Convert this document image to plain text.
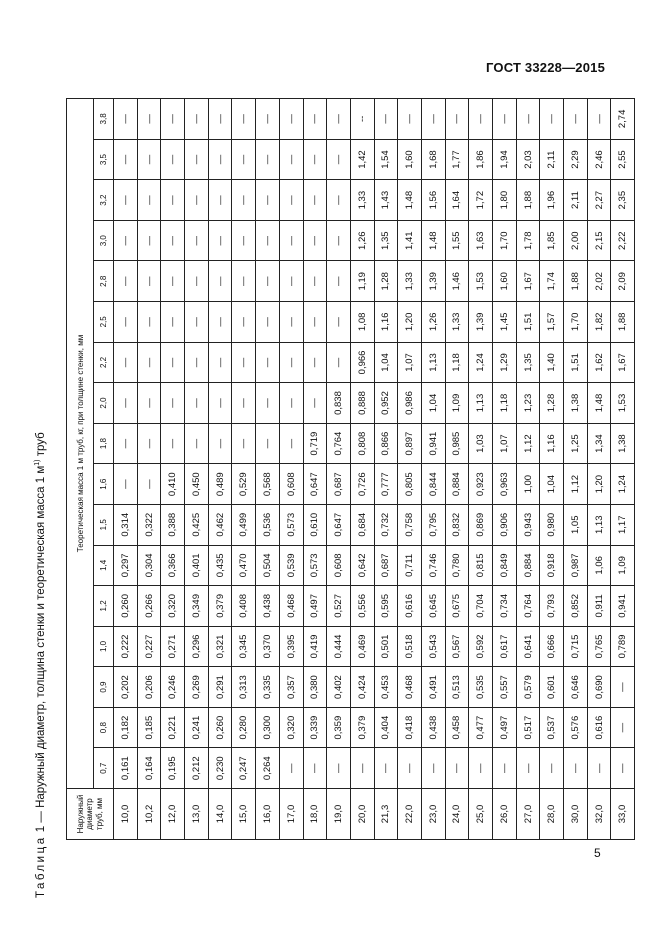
ГОСТ 33228—2015
Таблица 1 — Наружный диаметр, толщина стенки и теоретическая масса 1 $м^{1)}$ труб
Наружный диаметр труб, мм	Теоретическая масса 1 м труб, кг, при толщине стенки, мм																
	0,7	0,8	0,9	1,0	1,2	1,4	1,5	1,6	1,8	2,0	2,2	2,5	2,8	3,0	3,2	3,5	3,8
10,0	0,161	0,182	0,202	0,222	0,260	0,297	0,314	—	—	—	—	—	—	—	—	—	—
10,2	0,164	0,185	0,206	0,227	0,266	0,304	0,322	—	—	—	—	—	—	—	—	—	—
12,0	0,195	0,221	0,246	0,271	0,320	0,366	0,388	0,410	—	—	—	—	—	—	—	—	—
13,0	0,212	0,241	0,269	0,296	0,349	0,401	0,425	0,450	—	—	—	—	—	—	—	—	—
14,0	0,230	0,260	0,291	0,321	0,379	0,435	0,462	0,489	—	—	—	—	—	—	—	—	—
15,0	0,247	0,280	0,313	0,345	0,408	0,470	0,499	0,529	—	—	—	—	—	—	—	—	—
16,0	0,264	0,300	0,335	0,370	0,438	0,504	0,536	0,568	—	—	—	—	—	—	—	—	—
17,0	—	0,320	0,357	0,395	0,468	0,539	0,573	0,608	—	—	—	—	—	—	—	—	—
18,0	—	0,339	0,380	0,419	0,497	0,573	0,610	0,647	0,719	—	—	—	—	—	—	—	—
19,0	—	0,359	0,402	0,444	0,527	0,608	0,647	0,687	0,764	0,838	—	—	—	—	—	—	—
20,0	—	0,379	0,424	0,469	0,556	0,642	0,684	0,726	0,808	0,888	0,966	1,08	1,19	1,26	1,33	1,42	--
21,3	—	0,404	0,453	0,501	0,595	0,687	0,732	0,777	0,866	0,952	1,04	1,16	1,28	1,35	1,43	1,54	—
22,0	—	0,418	0,468	0,518	0,616	0,711	0,758	0,805	0,897	0,986	1,07	1,20	1,33	1,41	1,48	1,60	—
23,0	—	0,438	0,491	0,543	0,645	0,746	0,795	0,844	0,941	1,04	1,13	1,26	1,39	1,48	1,56	1,68	—
24,0	—	0,458	0,513	0,567	0,675	0,780	0,832	0,884	0,985	1,09	1,18	1,33	1,46	1,55	1,64	1,77	—
25,0	—	0,477	0,535	0,592	0,704	0,815	0,869	0,923	1,03	1,13	1,24	1,39	1,53	1,63	1,72	1,86	—
26,0	—	0,497	0,557	0,617	0,734	0,849	0,906	0,963	1,07	1,18	1,29	1,45	1,60	1,70	1,80	1,94	—
27,0	—	0,517	0,579	0,641	0,764	0,884	0,943	1,00	1,12	1,23	1,35	1,51	1,67	1,78	1,88	2,03	—
28,0	—	0,537	0,601	0,666	0,793	0,918	0,980	1,04	1,16	1,28	1,40	1,57	1,74	1,85	1,96	2,11	—
30,0	—	0,576	0,646	0,715	0,852	0,987	1,05	1,12	1,25	1,38	1,51	1,70	1,88	2,00	2,11	2,29	—
32,0	—	0,616	0,690	0,765	0,911	1,06	1,13	1,20	1,34	1,48	1,62	1,82	2,02	2,15	2,27	2,46	—
33,0	—	—	—	0,789	0,941	1,09	1,17	1,24	1,38	1,53	1,67	1,88	2,09	2,22	2,35	2,55	2,74
5
